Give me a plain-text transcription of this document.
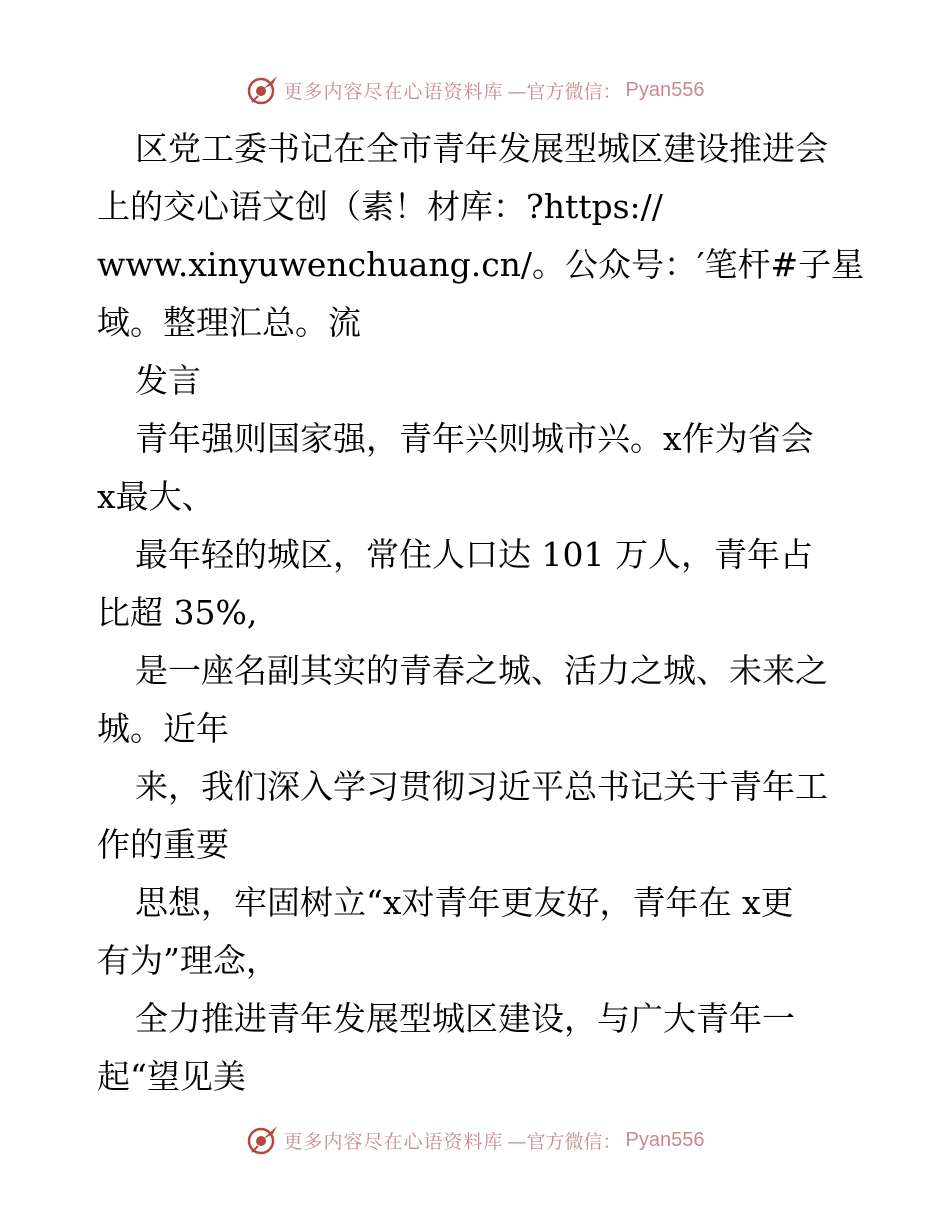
更多内容尽在心语资料库 —官方微信： Pyan556
区党工委书记在全市青年发展型城区建设推进会
上的交心语文创（素！材库：?https://
www.xinyuwenchuang.cn/。公众号：′笔杆#子星
域。整理汇总。流
发言
青年强则国家强，青年兴则城市兴。x作为省会
x最大、
最年轻的城区，常住人口达 101 万人，青年占
比超 35%,
是一座名副其实的青春之城、活力之城、未来之
城。近年
来，我们深入学习贯彻习近平总书记关于青年工
作的重要
思想，牢固树立“x对青年更友好，青年在 x更
有为”理念，
全力推进青年发展型城区建设，与广大青年一
起“望见美
更多内容尽在心语资料库 —官方微信： Pyan556
